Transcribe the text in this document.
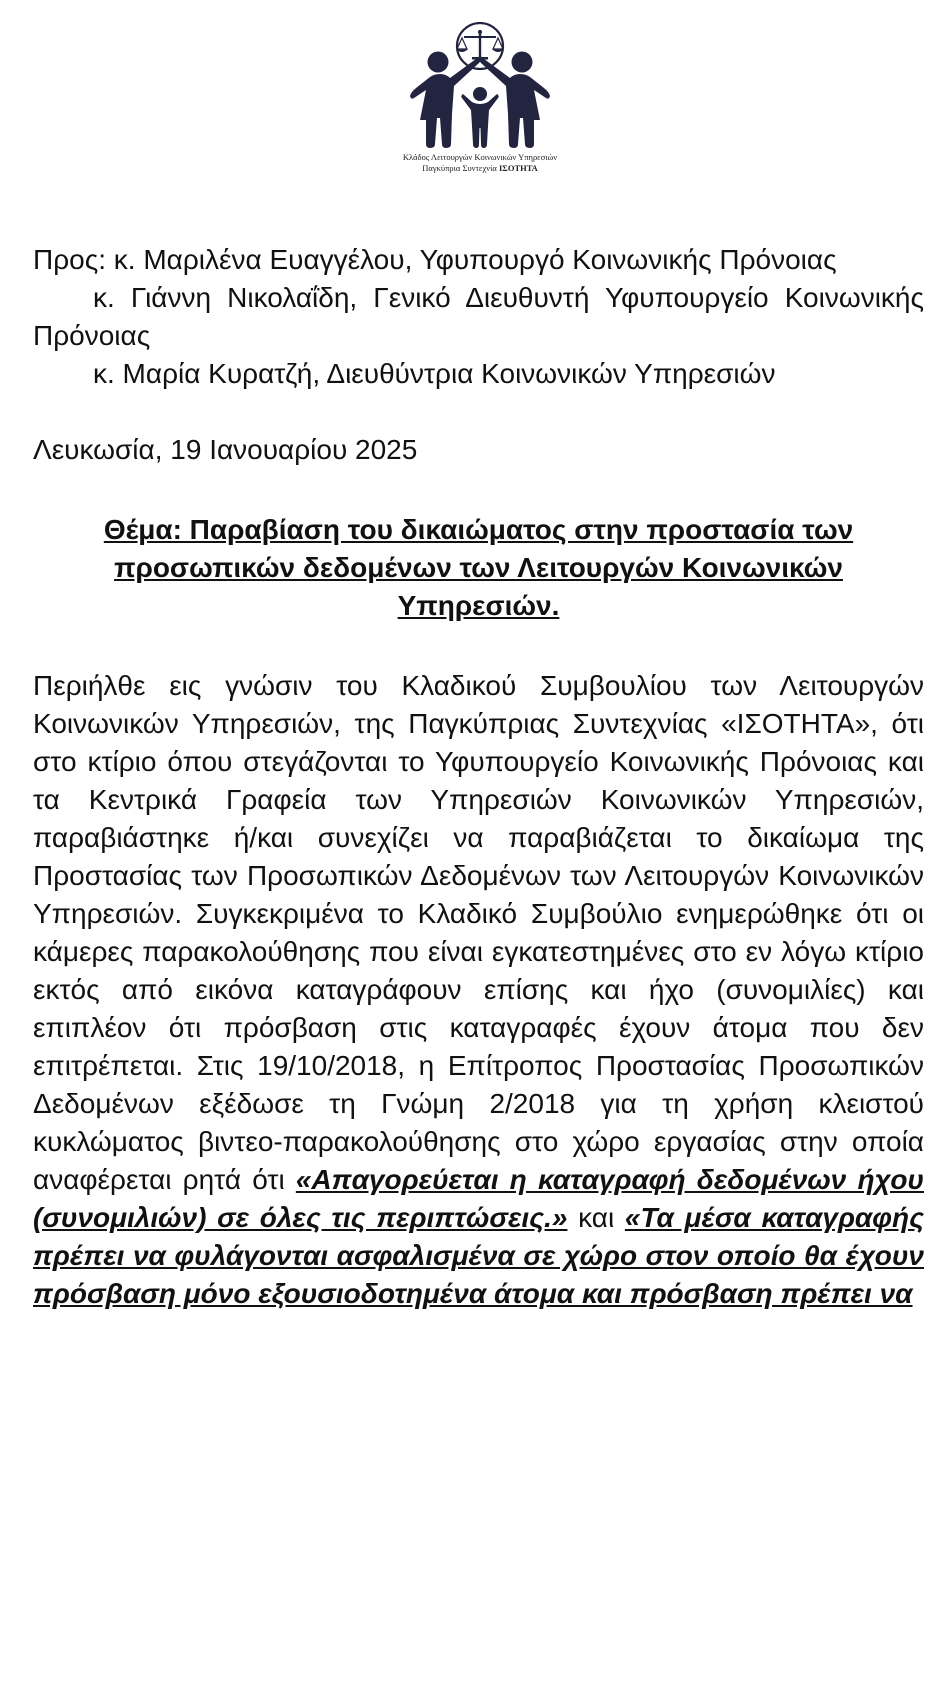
Κλάδος Λειτουργών Κοινωνικών Υπηρεσιών
Παγκύπρια Συντεχνία ΙΣΟΤΗΤΑ

Προς: κ. Μαριλένα Ευαγγέλου, Υφυπουργό Κοινωνικής Πρόνοιας

κ. Γιάννη Νικολαΐδη, Γενικό Διευθυντή Υφυπουργείο Κοινωνικής Πρόνοιας

κ. Μαρία Κυρατζή, Διευθύντρια Κοινωνικών Υπηρεσιών

Λευκωσία, 19 Ιανουαρίου 2025

Θέμα: Παραβίαση του δικαιώματος στην προστασία των προσωπικών δεδομένων των Λειτουργών Κοινωνικών Υπηρεσιών.

Περιήλθε εις γνώσιν του Κλαδικού Συμβουλίου των Λειτουργών Κοινωνικών Υπηρεσιών, της Παγκύπριας Συντεχνίας «ΙΣΟΤΗΤΑ», ότι στο κτίριο όπου στεγάζονται το Υφυπουργείο Κοινωνικής Πρόνοιας και τα Κεντρικά Γραφεία των Υπηρεσιών Κοινωνικών Υπηρεσιών, παραβιάστηκε ή/και συνεχίζει να παραβιάζεται το δικαίωμα της Προστασίας των Προσωπικών Δεδομένων των Λειτουργών Κοινωνικών Υπηρεσιών. Συγκεκριμένα το Κλαδικό Συμβούλιο ενημερώθηκε ότι οι κάμερες παρακολούθησης που είναι εγκατεστημένες στο εν λόγω κτίριο εκτός από εικόνα καταγράφουν επίσης και ήχο (συνομιλίες) και επιπλέον ότι πρόσβαση στις καταγραφές έχουν άτομα που δεν επιτρέπεται. Στις 19/10/2018, η Επίτροπος Προστασίας Προσωπικών Δεδομένων εξέδωσε τη Γνώμη 2/2018 για τη χρήση κλειστού κυκλώματος βιντεο-παρακολούθησης στο χώρο εργασίας στην οποία αναφέρεται ρητά ότι «Απαγορεύεται η καταγραφή δεδομένων ήχου (συνομιλιών) σε όλες τις περιπτώσεις.» και «Τα μέσα καταγραφής πρέπει να φυλάγονται ασφαλισμένα σε χώρο στον οποίο θα έχουν πρόσβαση μόνο εξουσιοδοτημένα άτομα και πρόσβαση πρέπει να
